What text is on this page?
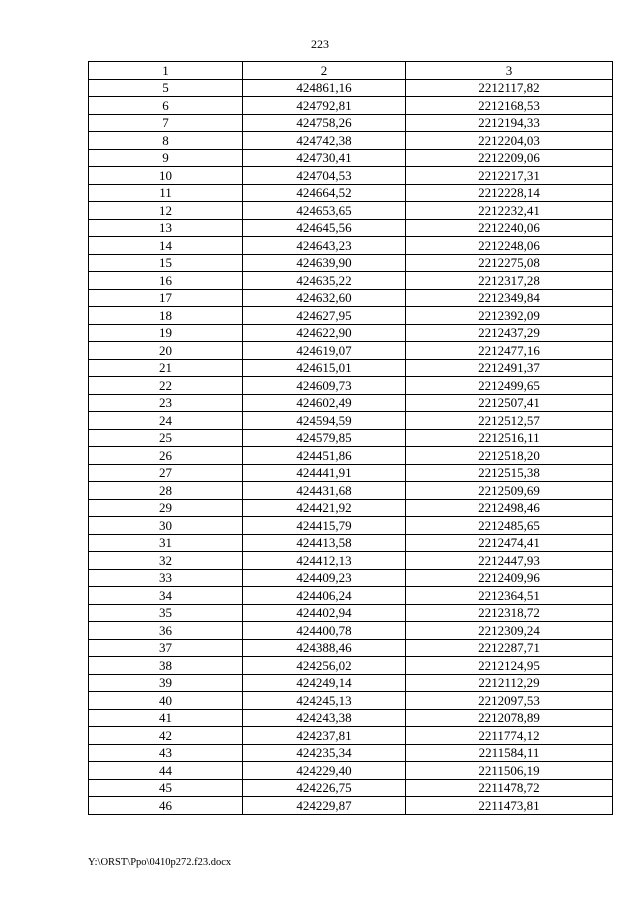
223
1	2	3
5	424861,16	2212117,82
6	424792,81	2212168,53
7	424758,26	2212194,33
8	424742,38	2212204,03
9	424730,41	2212209,06
10	424704,53	2212217,31
11	424664,52	2212228,14
12	424653,65	2212232,41
13	424645,56	2212240,06
14	424643,23	2212248,06
15	424639,90	2212275,08
16	424635,22	2212317,28
17	424632,60	2212349,84
18	424627,95	2212392,09
19	424622,90	2212437,29
20	424619,07	2212477,16
21	424615,01	2212491,37
22	424609,73	2212499,65
23	424602,49	2212507,41
24	424594,59	2212512,57
25	424579,85	2212516,11
26	424451,86	2212518,20
27	424441,91	2212515,38
28	424431,68	2212509,69
29	424421,92	2212498,46
30	424415,79	2212485,65
31	424413,58	2212474,41
32	424412,13	2212447,93
33	424409,23	2212409,96
34	424406,24	2212364,51
35	424402,94	2212318,72
36	424400,78	2212309,24
37	424388,46	2212287,71
38	424256,02	2212124,95
39	424249,14	2212112,29
40	424245,13	2212097,53
41	424243,38	2212078,89
42	424237,81	2211774,12
43	424235,34	2211584,11
44	424229,40	2211506,19
45	424226,75	2211478,72
46	424229,87	2211473,81
Y:\ORST\Ppo\0410p272.f23.docx
